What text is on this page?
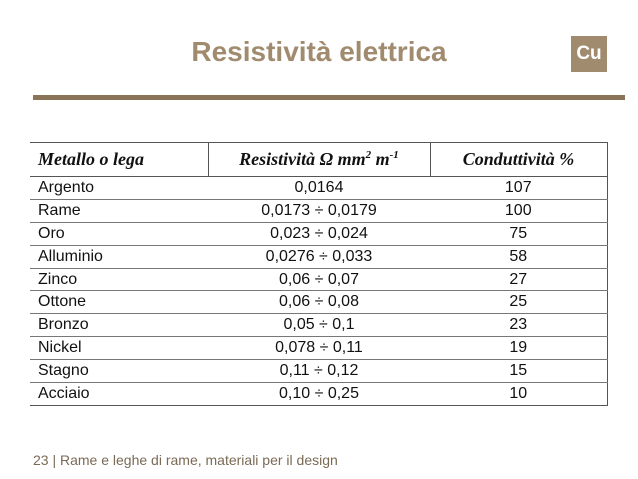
Resistività elettrica	Cu
Metallo o lega	Resistività Ω $mm^2$ $m^{-1}$	Conduttività %
Argento	0,0164	107
Rame	0,0173 ÷ 0,0179	100
Oro	0,023 ÷ 0,024	75
Alluminio	0,0276 ÷ 0,033	58
Zinco	0,06 ÷ 0,07	27
Ottone	0,06 ÷ 0,08	25
Bronzo	0,05 ÷ 0,1	23
Nickel	0,078 ÷ 0,11	19
Stagno	0,11 ÷ 0,12	15
Acciaio	0,10 ÷ 0,25	10
23 | Rame e leghe di rame, materiali per il design
